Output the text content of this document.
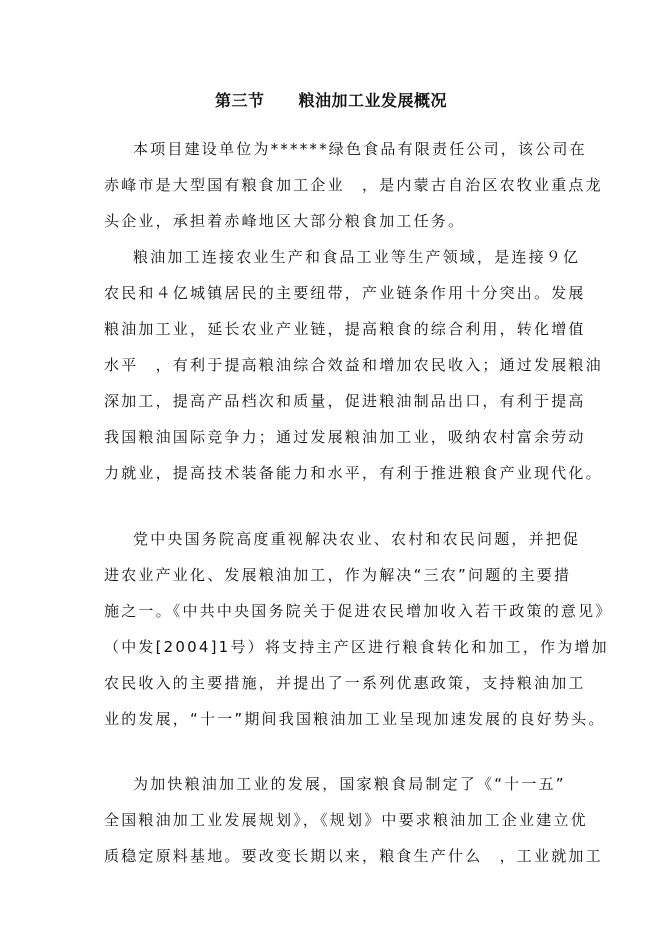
第三节 粮油加工业发展概况
本项目建设单位为******绿色食品有限责任公司，该公司在
赤峰市是大型国有粮食加工企业　，是内蒙古自治区农牧业重点龙
头企业，承担着赤峰地区大部分粮食加工任务。
粮油加工连接农业生产和食品工业等生产领域，是连接９亿
农民和４亿城镇居民的主要纽带，产业链条作用十分突出。发展
粮油加工业，延长农业产业链，提高粮食的综合利用，转化增值
水平　，有利于提高粮油综合效益和增加农民收入；通过发展粮油
深加工，提高产品档次和质量，促进粮油制品出口，有利于提高
我国粮油国际竞争力；通过发展粮油加工业，吸纳农村富余劳动
力就业，提高技术装备能力和水平，有利于推进粮食产业现代化。
党中央国务院高度重视解决农业、农村和农民问题，并把促
进农业产业化、发展粮油加工，作为解决“三农”问题的主要措
施之一。《中共中央国务院关于促进农民增加收入若干政策的意见》
（中发[2004]1号）将支持主产区进行粮食转化和加工，作为增加
农民收入的主要措施，并提出了一系列优惠政策，支持粮油加工
业的发展，“十一”期间我国粮油加工业呈现加速发展的良好势头。
为加快粮油加工业的发展，国家粮食局制定了《“十一五”
全国粮油加工业发展规划》，《规划》中要求粮油加工企业建立优
质稳定原料基地。要改变长期以来，粮食生产什么　，工业就加工
